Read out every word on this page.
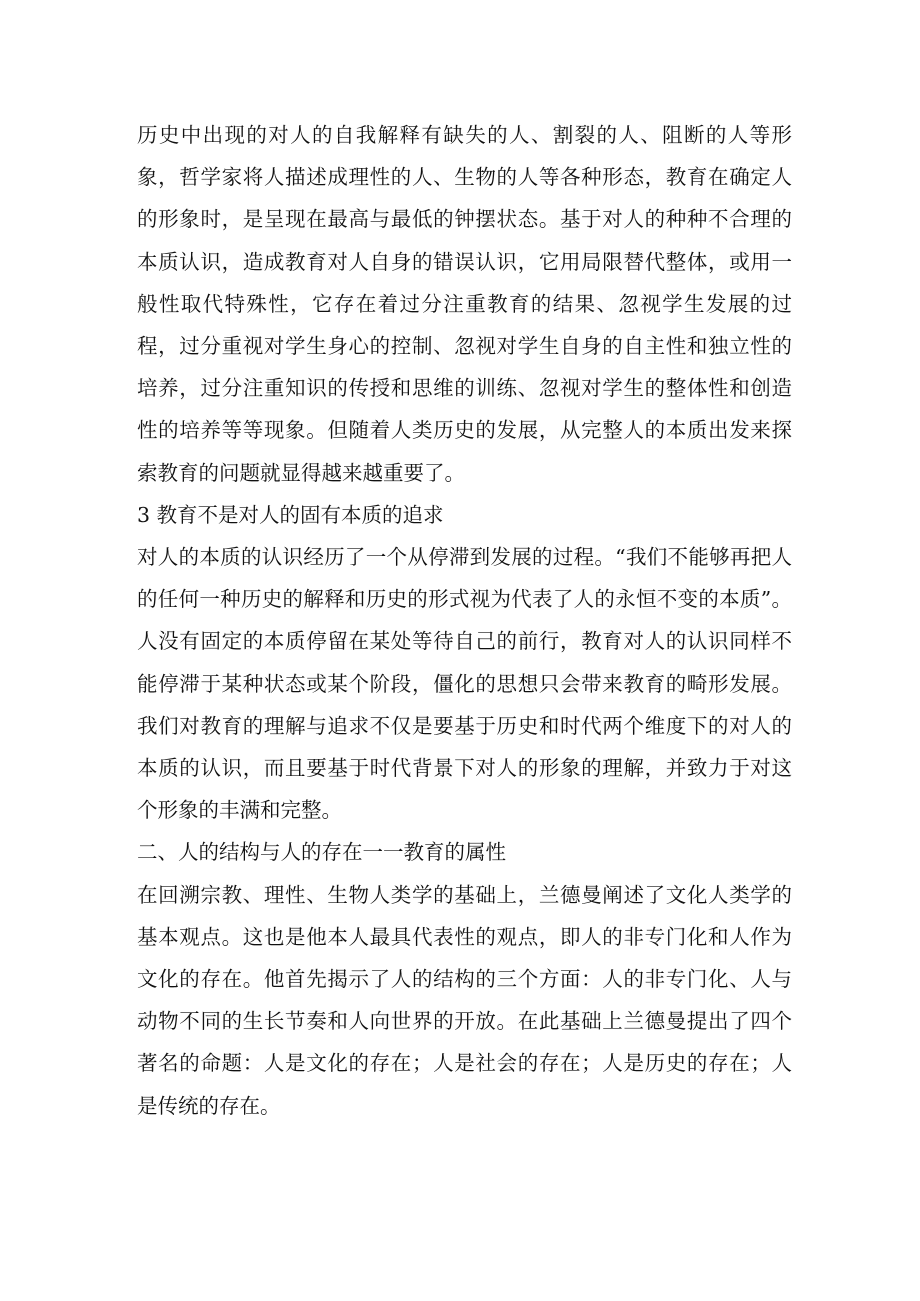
历史中出现的对人的自我解释有缺失的人、割裂的人、阻断的人等形象，哲学家将人描述成理性的人、生物的人等各种形态，教育在确定人的形象时，是呈现在最高与最低的钟摆状态。基于对人的种种不合理的本质认识，造成教育对人自身的错误认识，它用局限替代整体，或用一般性取代特殊性，它存在着过分注重教育的结果、忽视学生发展的过程，过分重视对学生身心的控制、忽视对学生自身的自主性和独立性的培养，过分注重知识的传授和思维的训练、忽视对学生的整体性和创造性的培养等等现象。但随着人类历史的发展，从完整人的本质出发来探索教育的问题就显得越来越重要了。

3 教育不是对人的固有本质的追求

对人的本质的认识经历了一个从停滞到发展的过程。“我们不能够再把人的任何一种历史的解释和历史的形式视为代表了人的永恒不变的本质”。人没有固定的本质停留在某处等待自己的前行，教育对人的认识同样不能停滞于某种状态或某个阶段，僵化的思想只会带来教育的畸形发展。我们对教育的理解与追求不仅是要基于历史和时代两个维度下的对人的本质的认识，而且要基于时代背景下对人的形象的理解，并致力于对这个形象的丰满和完整。

二、人的结构与人的存在一一教育的属性

在回溯宗教、理性、生物人类学的基础上，兰德曼阐述了文化人类学的基本观点。这也是他本人最具代表性的观点，即人的非专门化和人作为文化的存在。他首先揭示了人的结构的三个方面：人的非专门化、人与动物不同的生长节奏和人向世界的开放。在此基础上兰德曼提出了四个著名的命题：人是文化的存在；人是社会的存在；人是历史的存在；人是传统的存在。
